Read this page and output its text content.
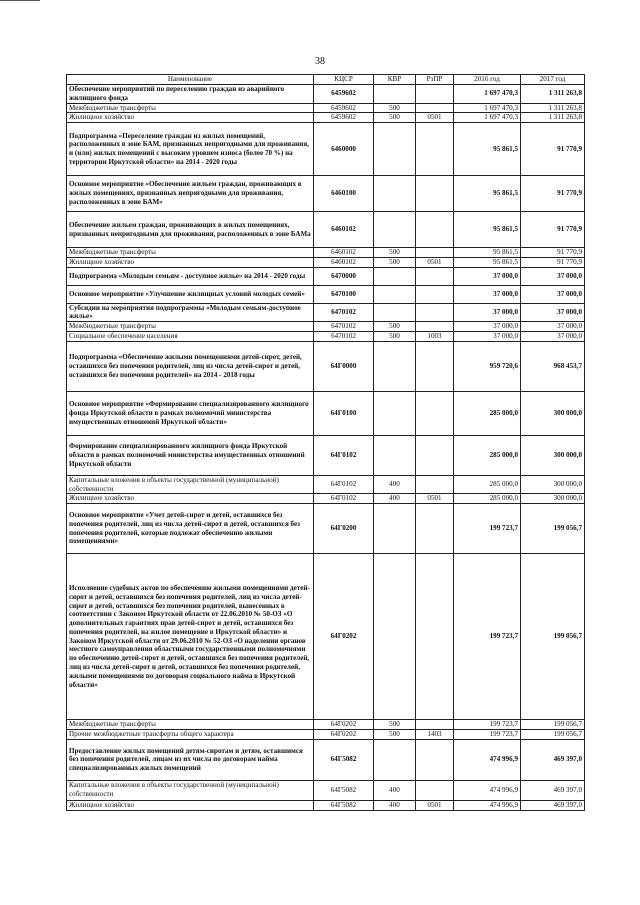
38
Наименование	КЦСР	КВР	РзПР	2016 год	2017 год
Обеспечение мероприятий по переселению граждан из аварийного жилищного фонда	6459602			1 697 470,3	1 311 263,8
Межбюджетные трансферты	6459602	500		1 697 470,3	1 311 263,8
Жилищное хозяйство	6459602	500	0501	1 697 470,3	1 311 263,8
Подпрограмма «Переселение граждан из жилых помещений, расположенных в зоне БАМ, признанных непригодными для проживания, и (или) жилых помещений с высоким уровнем износа (более 70 %) на территории Иркутской области» на 2014 - 2020 годы	6460000			95 861,5	91 770,9
Основное мероприятие «Обеспечение жильем граждан, проживающих в жилых помещениях, признанных непригодными для проживания, расположенных в зоне БАМ»	6460100			95 861,5	91 770,9
Обеспечение жильем граждан, проживающих в жилых помещениях, признанных непригодными для проживания, расположенных в зоне БАМа	6460102			95 861,5	91 770,9
Межбюджетные трансферты	6460102	500		95 861,5	91 770,9
Жилищное хозяйство	6460102	500	0501	95 861,5	91 770,9
Подпрограмма «Молодым семьям - доступное жилье» на 2014 - 2020 годы	6470000			37 000,0	37 000,0
Основное мероприятие «Улучшение жилищных условий молодых семей»	6470100			37 000,0	37 000,0
Субсидии на мероприятия подпрограммы «Молодым семьям-доступное жилье»	6470102			37 000,0	37 000,0
Межбюджетные трансферты	6470102	500		37 000,0	37 000,0
Социальное обеспечение населения	6470102	500	1003	37 000,0	37 000,0
Подпрограмма «Обеспечение жилыми помещениями детей-сирот, детей, оставшихся без попечения родителей, лиц из числа детей-сирот и детей, оставшихся без попечения родителей» на 2014 - 2018 годы	64Г0000			959 720,6	968 453,7
Основное мероприятие «Формирование специализированного жилищного фонда Иркутской области в рамках полномочий министерства имущественных отношений Иркутской области»	64Г0100			285 000,0	300 000,0
Формирование специализированного жилищного фонда Иркутской области в рамках полномочий министерства имущественных отношений Иркутской области	64Г0102			285 000,0	300 000,0
Капитальные вложения в объекты государственной (муниципальной) собственности	64Г0102	400		285 000,0	300 000,0
Жилищное хозяйство	64Г0102	400	0501	285 000,0	300 000,0
Основное мероприятие «Учет детей-сирот и детей, оставшихся без попечения родителей, лиц из числа детей-сирот и детей, оставшихся без попечения родителей, которые подлежат обеспечению жилыми помещениями»	64Г0200			199 723,7	199 056,7
Исполнение судебных актов по обеспечению жилыми помещениями детей-сирот и детей, оставшихся без попечения родителей, лиц из числа детей-сирот и детей, оставшихся без попечения родителей, вынесенных в соответствии с Законом Иркутской области от 22.06.2010 № 50-ОЗ «О дополнительных гарантиях прав детей-сирот и детей, оставшихся без попечения родителей, на жилое помещение в Иркутской области» и Законом Иркутской области от 29.06.2010 № 52-ОЗ «О наделении органов местного самоуправления областными государственными полномочиями по обеспечению детей-сирот и детей, оставшихся без попечения родителей, лиц из числа детей-сирот и детей, оставшихся без попечения родителей, жилыми помещениями по договорам социального найма в Иркутской области»	64Г0202			199 723,7	199 056,7
Межбюджетные трансферты	64Г0202	500		199 723,7	199 056,7
Прочие межбюджетные трансферты общего характера	64Г0202	500	1403	199 723,7	199 056,7
Предоставление жилых помещений детям-сиротам и детям, оставшимся без попечения родителей, лицам из их числа по договорам найма специализированных жилых помещений	64Г5082			474 996,9	469 397,0
Капитальные вложения в объекты государственной (муниципальной) собственности	64Г5082	400		474 996,9	469 397,0
Жилищное хозяйство	64Г5082	400	0501	474 996,9	469 397,0
